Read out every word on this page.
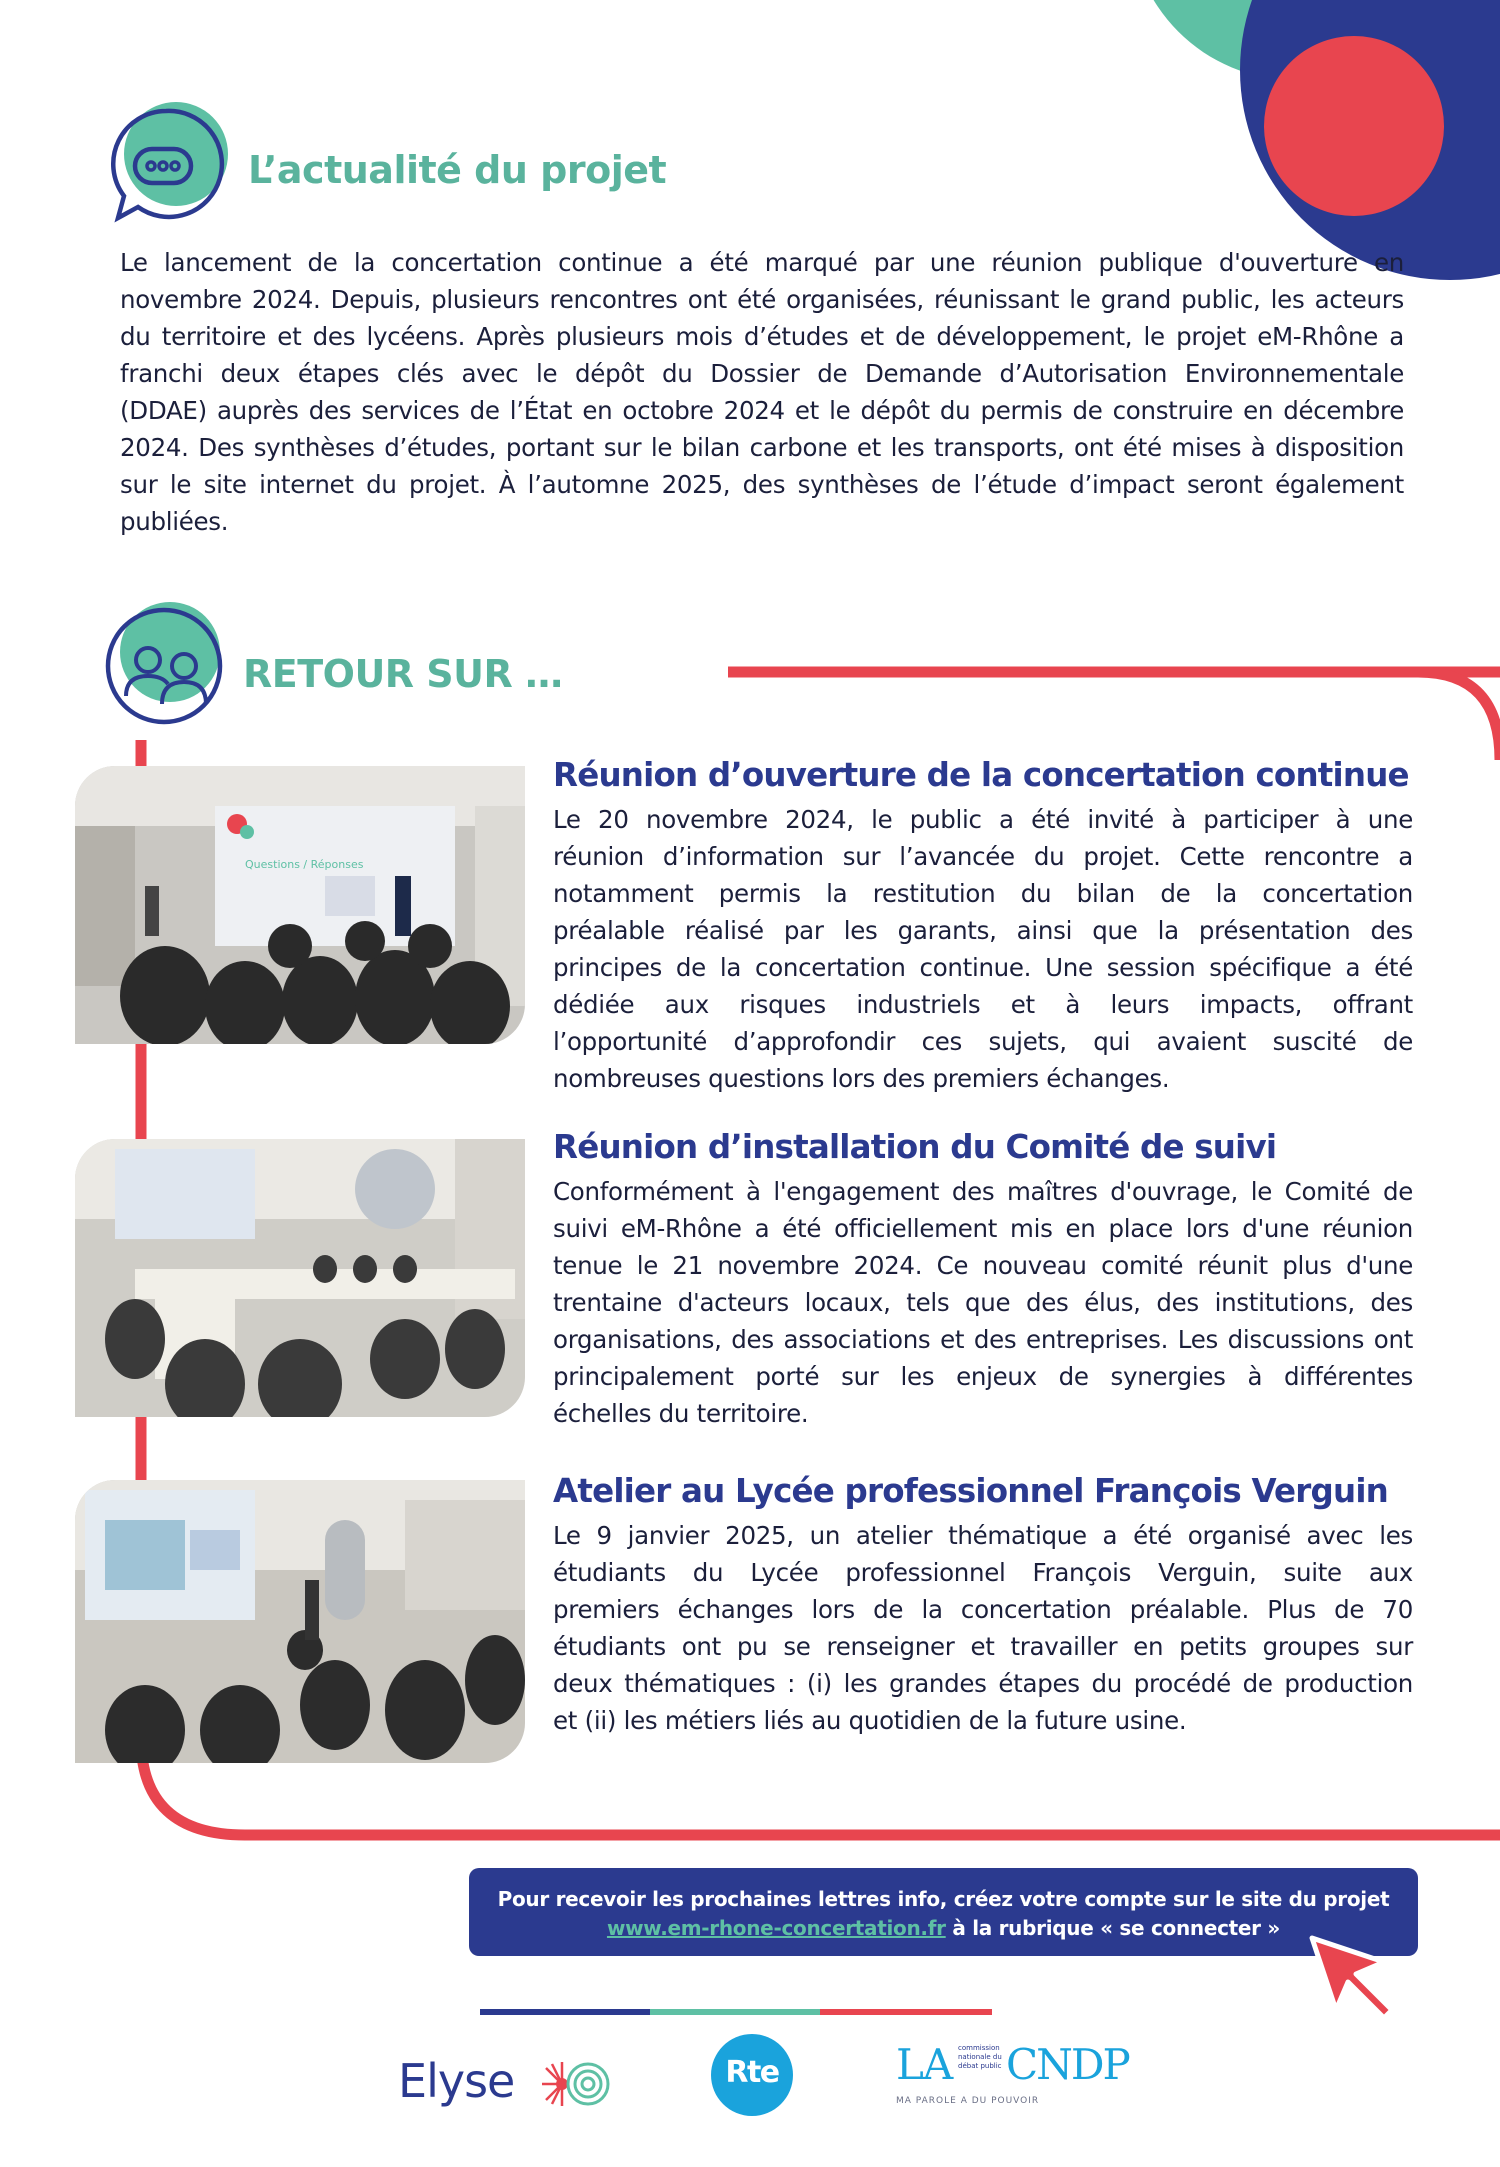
L’actualité du projet
Le lancement de la concertation continue a été marqué par une réunion publique d'ouverture en
novembre 2024. Depuis, plusieurs rencontres ont été organisées, réunissant le grand public, les acteurs
du territoire et des lycéens. Après plusieurs mois d’études et de développement, le projet eM-Rhône a
franchi deux étapes clés avec le dépôt du Dossier de Demande d’Autorisation Environnementale
(DDAE) auprès des services de l’État en octobre 2024 et le dépôt du permis de construire en décembre
2024. Des synthèses d’études, portant sur le bilan carbone et les transports, ont été mises à disposition
sur le site internet du projet. À l’automne 2025, des synthèses de l’étude d’impact seront également
publiées.
RETOUR SUR …
Questions / Réponses
Réunion d’ouverture de la concertation continue
Le 20 novembre 2024, le public a été invité à participer à une
réunion d’information sur l’avancée du projet. Cette rencontre a
notamment permis la restitution du bilan de la concertation
préalable réalisé par les garants, ainsi que la présentation des
principes de la concertation continue. Une session spécifique a été
dédiée aux risques industriels et à leurs impacts, offrant
l’opportunité d’approfondir ces sujets, qui avaient suscité de
nombreuses questions lors des premiers échanges.
Réunion d’installation du Comité de suivi
Conformément à l'engagement des maîtres d'ouvrage, le Comité de
suivi eM-Rhône a été officiellement mis en place lors d'une réunion
tenue le 21 novembre 2024. Ce nouveau comité réunit plus d'une
trentaine d'acteurs locaux, tels que des élus, des institutions, des
organisations, des associations et des entreprises. Les discussions ont
principalement porté sur les enjeux de synergies à différentes
échelles du territoire.
Atelier au Lycée professionnel François Verguin
Le 9 janvier 2025, un atelier thématique a été organisé avec les
étudiants du Lycée professionnel François Verguin, suite aux
premiers échanges lors de la concertation préalable. Plus de 70
étudiants ont pu se renseigner et travailler en petits groupes sur
deux thématiques : (i) les grandes étapes du procédé de production
et (ii) les métiers liés au quotidien de la future usine.
Pour recevoir les prochaines lettres info, créez votre compte sur le site du projet
www.em-rhone-concertation.fr à la rubrique « se connecter »
Elyse	Rte	LA commission
nationale du
débat public CNDP
MA PAROLE A DU POUVOIR
